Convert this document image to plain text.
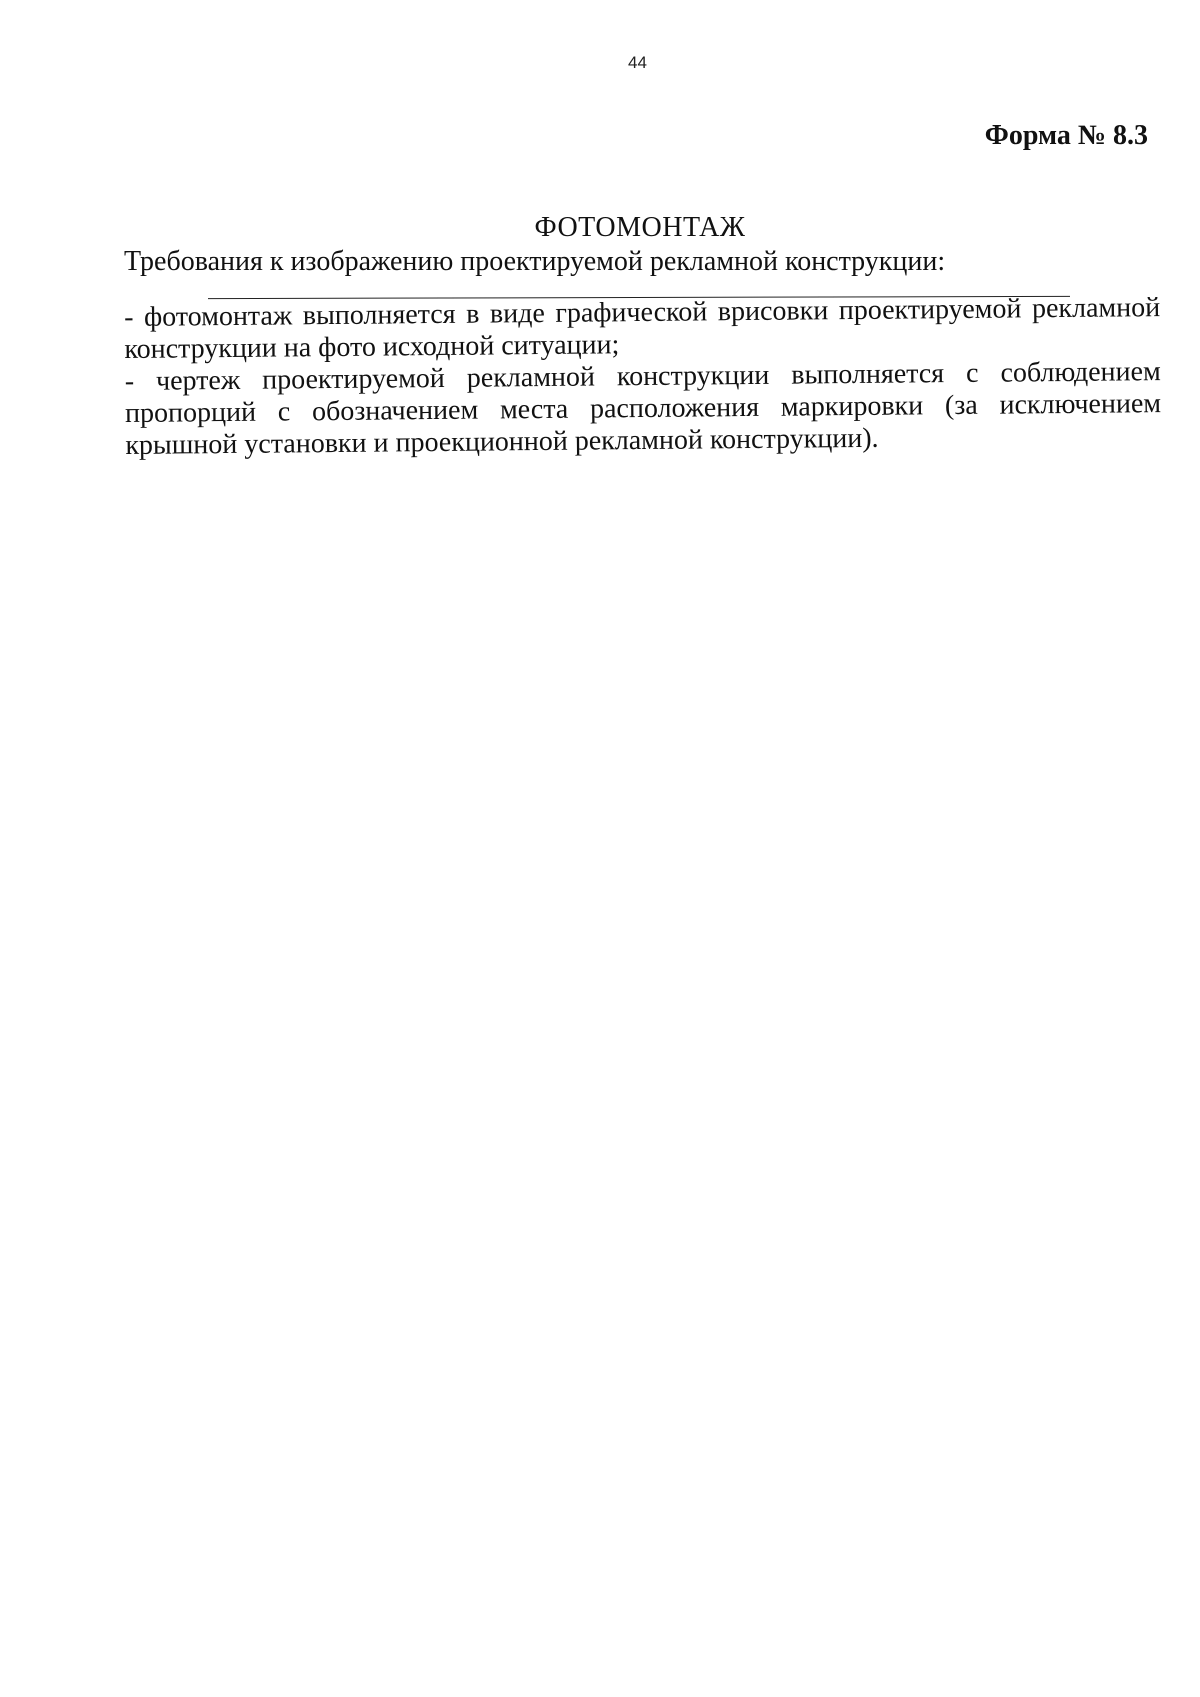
44
Форма № 8.3
ФОТОМОНТАЖ
Требования к изображению проектируемой рекламной конструкции:

- фотомонтаж выполняется в виде графической врисовки проектируемой рекламной конструкции на фото исходной ситуации;

- чертеж проектируемой рекламной конструкции выполняется с соблюдением пропорций с обозначением места расположения маркировки (за исключением крышной установки и проекционной рекламной конструкции).
